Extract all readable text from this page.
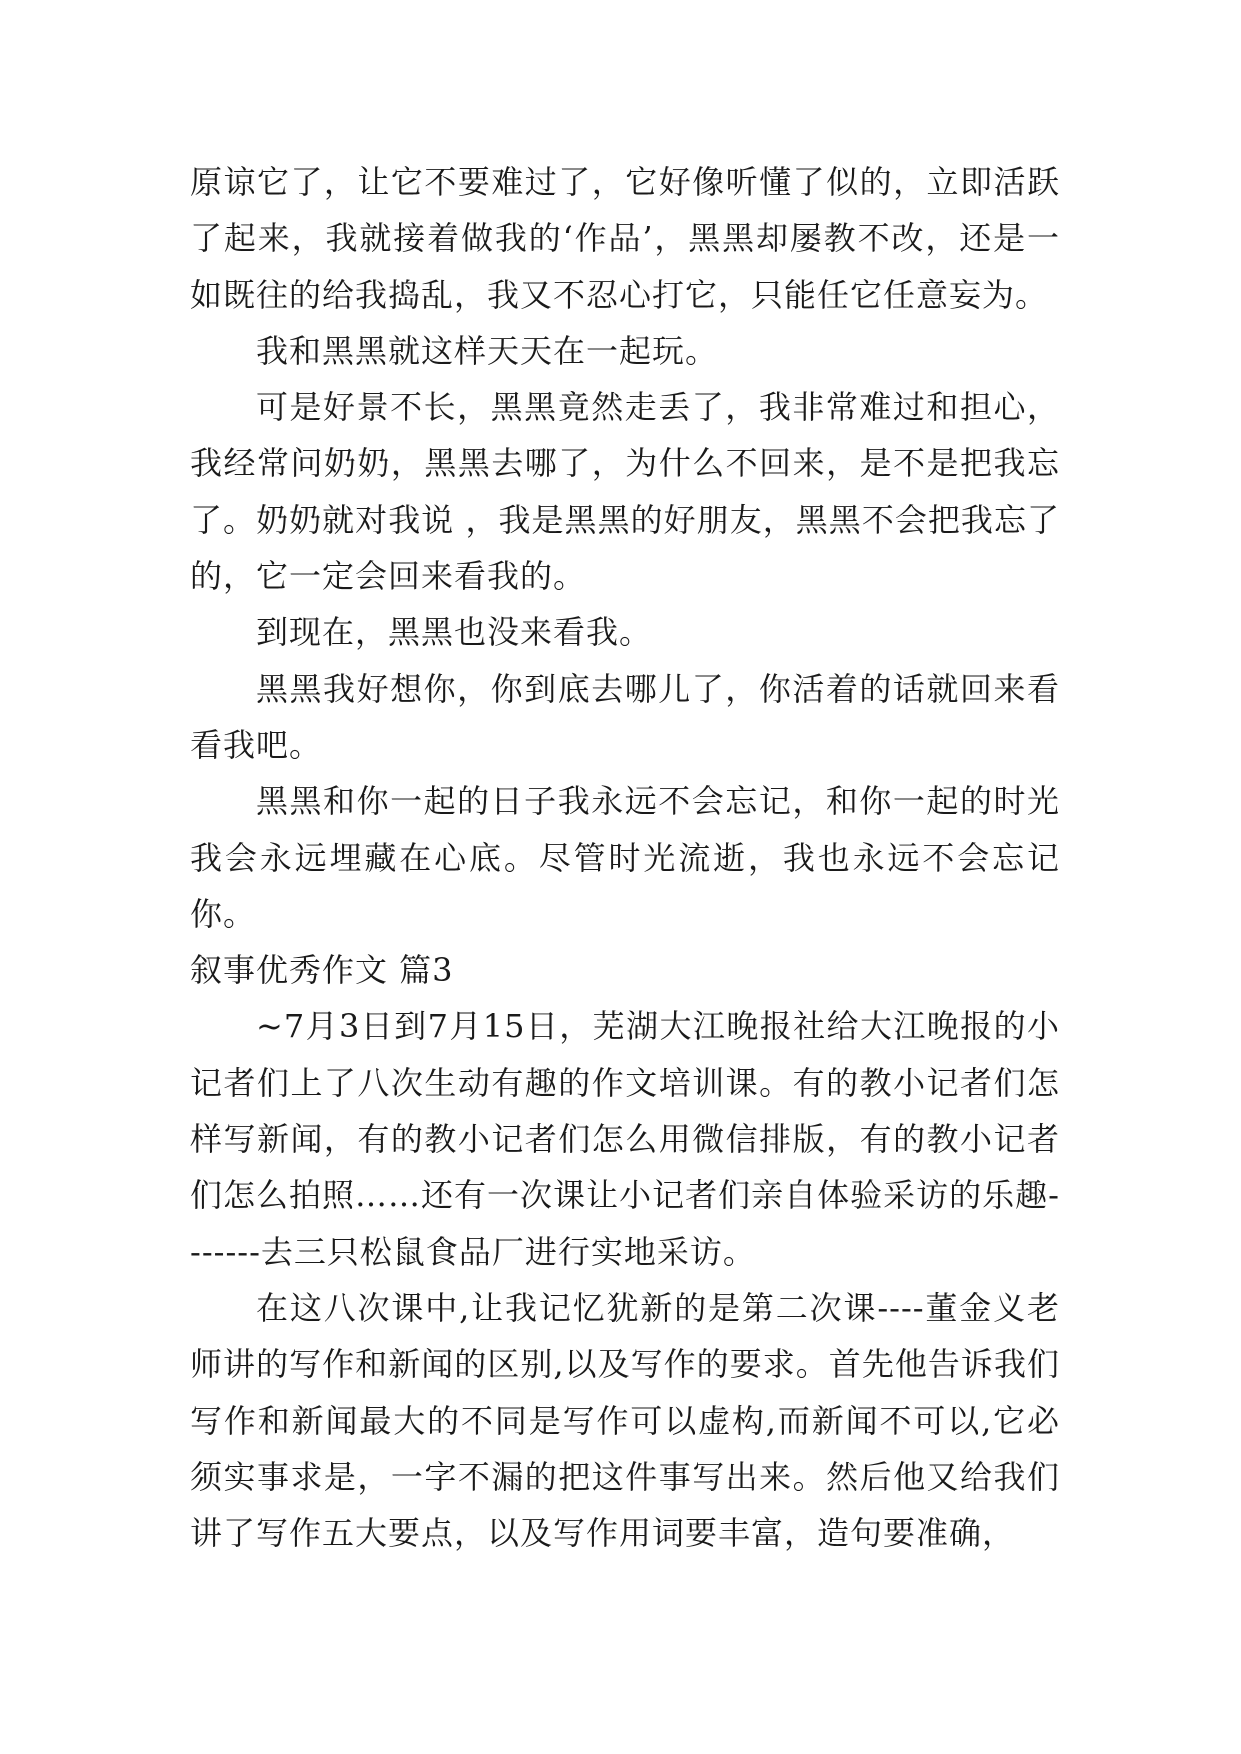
原谅它了，让它不要难过了，它好像听懂了似的，立即活跃了起来，我就接着做我的‘作品’，黑黑却屡教不改，还是一如既往的给我捣乱，我又不忍心打它，只能任它任意妄为。

我和黑黑就这样天天在一起玩。

可是好景不长，黑黑竟然走丢了，我非常难过和担心，我经常问奶奶，黑黑去哪了，为什么不回来，是不是把我忘了。奶奶就对我说 ，我是黑黑的好朋友，黑黑不会把我忘了的，它一定会回来看我的。

到现在，黑黑也没来看我。

黑黑我好想你，你到底去哪儿了，你活着的话就回来看看我吧。

黑黑和你一起的日子我永远不会忘记，和你一起的时光我会永远埋藏在心底。尽管时光流逝，我也永远不会忘记你。

叙事优秀作文 篇3

~7月3日到7月15日，芜湖大江晚报社给大江晚报的小记者们上了八次生动有趣的作文培训课。有的教小记者们怎样写新闻，有的教小记者们怎么用微信排版，有的教小记者们怎么拍照……还有一次课让小记者们亲自体验采访的乐趣-------去三只松鼠食品厂进行实地采访。

在这八次课中,让我记忆犹新的是第二次课----董金义老师讲的写作和新闻的区别,以及写作的要求。首先他告诉我们写作和新闻最大的不同是写作可以虚构,而新闻不可以,它必须实事求是，一字不漏的把这件事写出来。然后他又给我们讲了写作五大要点，以及写作用词要丰富，造句要准确，
